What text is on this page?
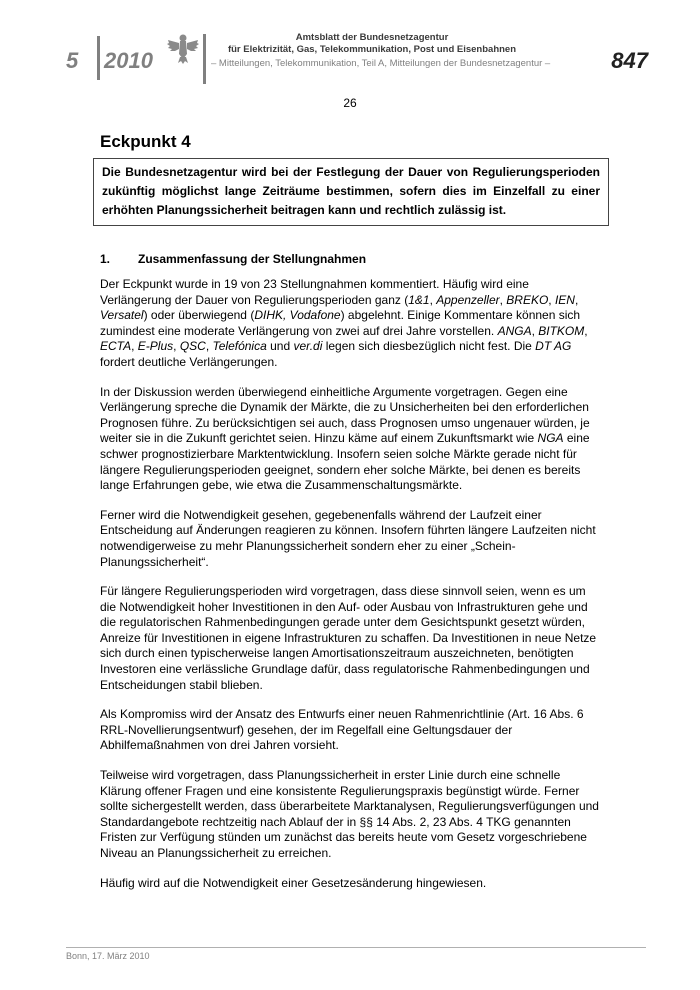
5 2010
Amtsblatt der Bundesnetzagentur
für Elektrizität, Gas, Telekommunikation, Post und Eisenbahnen
– Mitteilungen, Telekommunikation, Teil A, Mitteilungen der Bundesnetzagentur –	847
26
Eckpunkt 4
Die Bundesnetzagentur wird bei der Festlegung der Dauer von Regulierungsperioden zukünftig möglichst lange Zeiträume bestimmen, sofern dies im Einzelfall zu einer erhöhten Planungssicherheit beitragen kann und rechtlich zulässig ist.
1. Zusammenfassung der Stellungnahmen

Der Eckpunkt wurde in 19 von 23 Stellungnahmen kommentiert. Häufig wird eine Verlängerung der Dauer von Regulierungsperioden ganz (1&1, Appenzeller, BREKO, IEN, Versatel) oder überwiegend (DIHK, Vodafone) abgelehnt. Einige Kommentare können sich zumindest eine moderate Verlängerung von zwei auf drei Jahre vorstellen. ANGA, BITKOM, ECTA, E-Plus, QSC, Telefónica und ver.di legen sich diesbezüglich nicht fest. Die DT AG fordert deutliche Verlängerungen.

In der Diskussion werden überwiegend einheitliche Argumente vorgetragen. Gegen eine Verlängerung spreche die Dynamik der Märkte, die zu Unsicherheiten bei den erforderlichen Prognosen führe. Zu berücksichtigen sei auch, dass Prognosen umso ungenauer würden, je weiter sie in die Zukunft gerichtet seien. Hinzu käme auf einem Zukunftsmarkt wie NGA eine schwer prognostizierbare Marktentwicklung. Insofern seien solche Märkte gerade nicht für längere Regulierungsperioden geeignet, sondern eher solche Märkte, bei denen es bereits lange Erfahrungen gebe, wie etwa die Zusammenschaltungsmärkte.

Ferner wird die Notwendigkeit gesehen, gegebenenfalls während der Laufzeit einer Entscheidung auf Änderungen reagieren zu können. Insofern führten längere Laufzeiten nicht notwendigerweise zu mehr Planungssicherheit sondern eher zu einer „Schein-Planungssicherheit“.

Für längere Regulierungsperioden wird vorgetragen, dass diese sinnvoll seien, wenn es um die Notwendigkeit hoher Investitionen in den Auf- oder Ausbau von Infrastrukturen gehe und die regulatorischen Rahmenbedingungen gerade unter dem Gesichtspunkt gesetzt würden, Anreize für Investitionen in eigene Infrastrukturen zu schaffen. Da Investitionen in neue Netze sich durch einen typischerweise langen Amortisationszeitraum auszeichneten, benötigten Investoren eine verlässliche Grundlage dafür, dass regulatorische Rahmenbedingungen und Entscheidungen stabil blieben.

Als Kompromiss wird der Ansatz des Entwurfs einer neuen Rahmenrichtlinie (Art. 16 Abs. 6 RRL-Novellierungsentwurf) gesehen, der im Regelfall eine Geltungsdauer der Abhilfemaßnahmen von drei Jahren vorsieht.

Teilweise wird vorgetragen, dass Planungssicherheit in erster Linie durch eine schnelle Klärung offener Fragen und eine konsistente Regulierungspraxis begünstigt würde. Ferner sollte sichergestellt werden, dass überarbeitete Marktanalysen, Regulierungsverfügungen und Standardangebote rechtzeitig nach Ablauf der in §§ 14 Abs. 2, 23 Abs. 4 TKG genannten Fristen zur Verfügung stünden um zunächst das bereits heute vom Gesetz vorgeschriebene Niveau an Planungssicherheit zu erreichen.

Häufig wird auf die Notwendigkeit einer Gesetzesänderung hingewiesen.

Bonn, 17. März 2010
